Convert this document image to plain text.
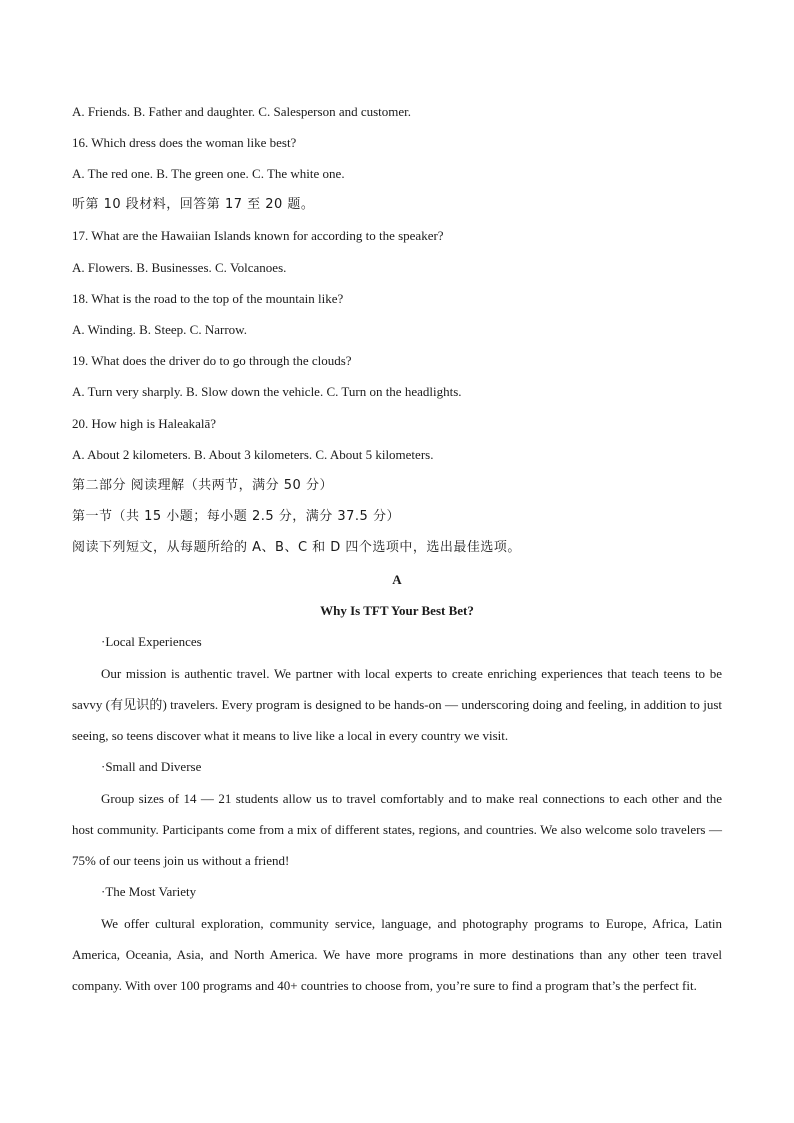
A. Friends. B. Father and daughter. C. Salesperson and customer.
16. Which dress does the woman like best?
A. The red one. B. The green one. C. The white one.
听第 10 段材料，回答第 17 至 20 题。
17. What are the Hawaiian Islands known for according to the speaker?
A. Flowers. B. Businesses. C. Volcanoes.
18. What is the road to the top of the mountain like?
A. Winding. B. Steep. C. Narrow.
19. What does the driver do to go through the clouds?
A. Turn very sharply. B. Slow down the vehicle. C. Turn on the headlights.
20. How high is Haleakalā?
A. About 2 kilometers. B. About 3 kilometers. C. About 5 kilometers.
第二部分 阅读理解（共两节，满分 50 分）
第一节（共 15 小题；每小题 2.5 分，满分 37.5 分）
阅读下列短文，从每题所给的 A、B、C 和 D 四个选项中，选出最佳选项。
A
Why Is TFT Your Best Bet?
·Local Experiences
Our mission is authentic travel. We partner with local experts to create enriching experiences that teach teens to be savvy (有见识的) travelers. Every program is designed to be hands-on — underscoring doing and feeling, in addition to just seeing, so teens discover what it means to live like a local in every country we visit.
·Small and Diverse
Group sizes of 14 — 21 students allow us to travel comfortably and to make real connections to each other and the host community. Participants come from a mix of different states, regions, and countries. We also welcome solo travelers — 75% of our teens join us without a friend!
·The Most Variety
We offer cultural exploration, community service, language, and photography programs to Europe, Africa, Latin America, Oceania, Asia, and North America. We have more programs in more destinations than any other teen travel company. With over 100 programs and 40+ countries to choose from, you’re sure to find a program that’s the perfect fit.
